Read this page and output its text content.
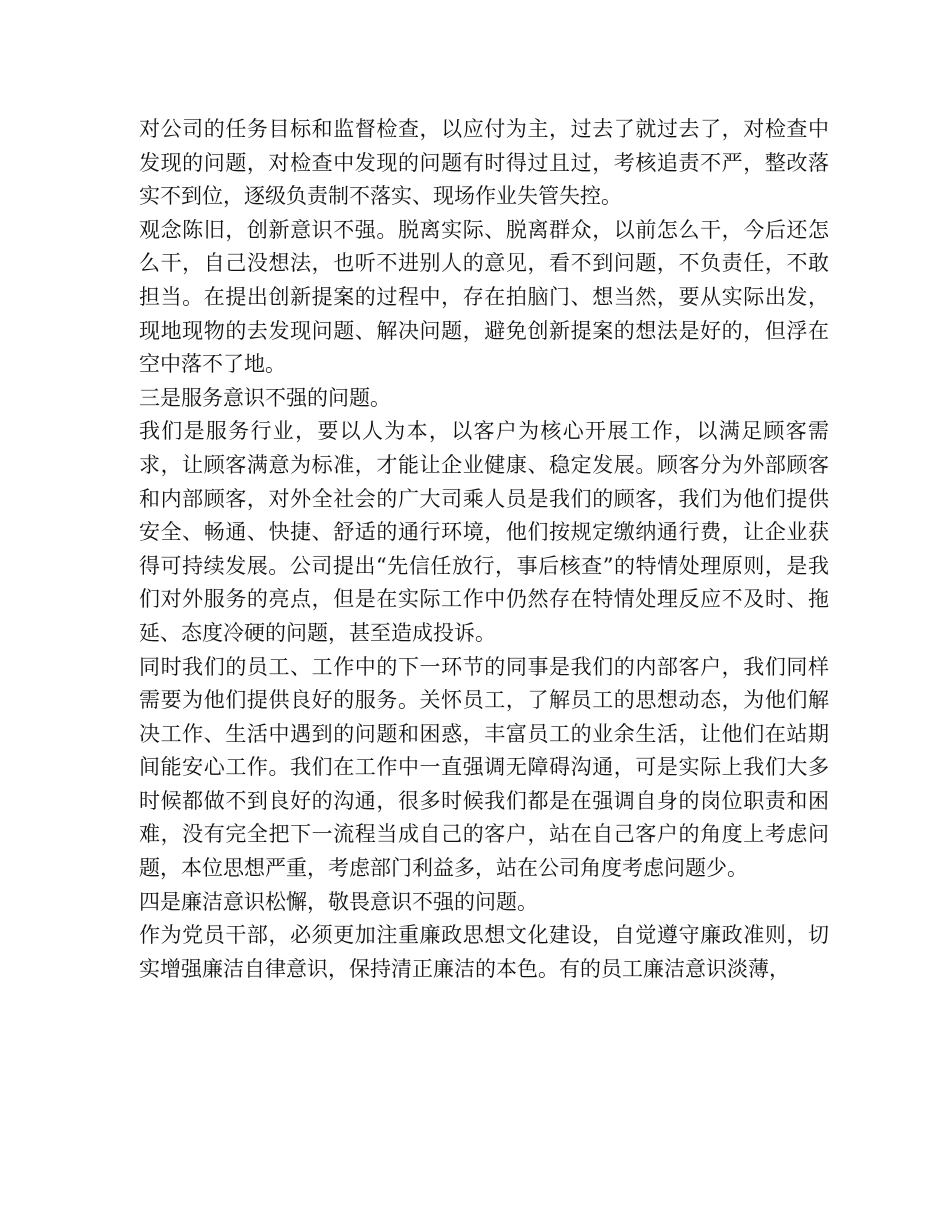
对公司的任务目标和监督检查，以应付为主，过去了就过去了，对检查中发现的问题，对检查中发现的问题有时得过且过，考核追责不严，整改落实不到位，逐级负责制不落实、现场作业失管失控。

观念陈旧，创新意识不强。脱离实际、脱离群众，以前怎么干，今后还怎么干，自己没想法，也听不进别人的意见，看不到问题，不负责任，不敢担当。在提出创新提案的过程中，存在拍脑门、想当然，要从实际出发，现地现物的去发现问题、解决问题，避免创新提案的想法是好的，但浮在空中落不了地。

三是服务意识不强的问题。

我们是服务行业，要以人为本，以客户为核心开展工作，以满足顾客需求，让顾客满意为标准，才能让企业健康、稳定发展。顾客分为外部顾客和内部顾客，对外全社会的广大司乘人员是我们的顾客，我们为他们提供安全、畅通、快捷、舒适的通行环境，他们按规定缴纳通行费，让企业获得可持续发展。公司提出“先信任放行，事后核查”的特情处理原则，是我们对外服务的亮点，但是在实际工作中仍然存在特情处理反应不及时、拖延、态度冷硬的问题，甚至造成投诉。

同时我们的员工、工作中的下一环节的同事是我们的内部客户，我们同样需要为他们提供良好的服务。关怀员工，了解员工的思想动态，为他们解决工作、生活中遇到的问题和困惑，丰富员工的业余生活，让他们在站期间能安心工作。我们在工作中一直强调无障碍沟通，可是实际上我们大多时候都做不到良好的沟通，很多时候我们都是在强调自身的岗位职责和困难，没有完全把下一流程当成自己的客户，站在自己客户的角度上考虑问题，本位思想严重，考虑部门利益多，站在公司角度考虑问题少。

四是廉洁意识松懈，敬畏意识不强的问题。

作为党员干部，必须更加注重廉政思想文化建设，自觉遵守廉政准则，切实增强廉洁自律意识，保持清正廉洁的本色。有的员工廉洁意识淡薄，
